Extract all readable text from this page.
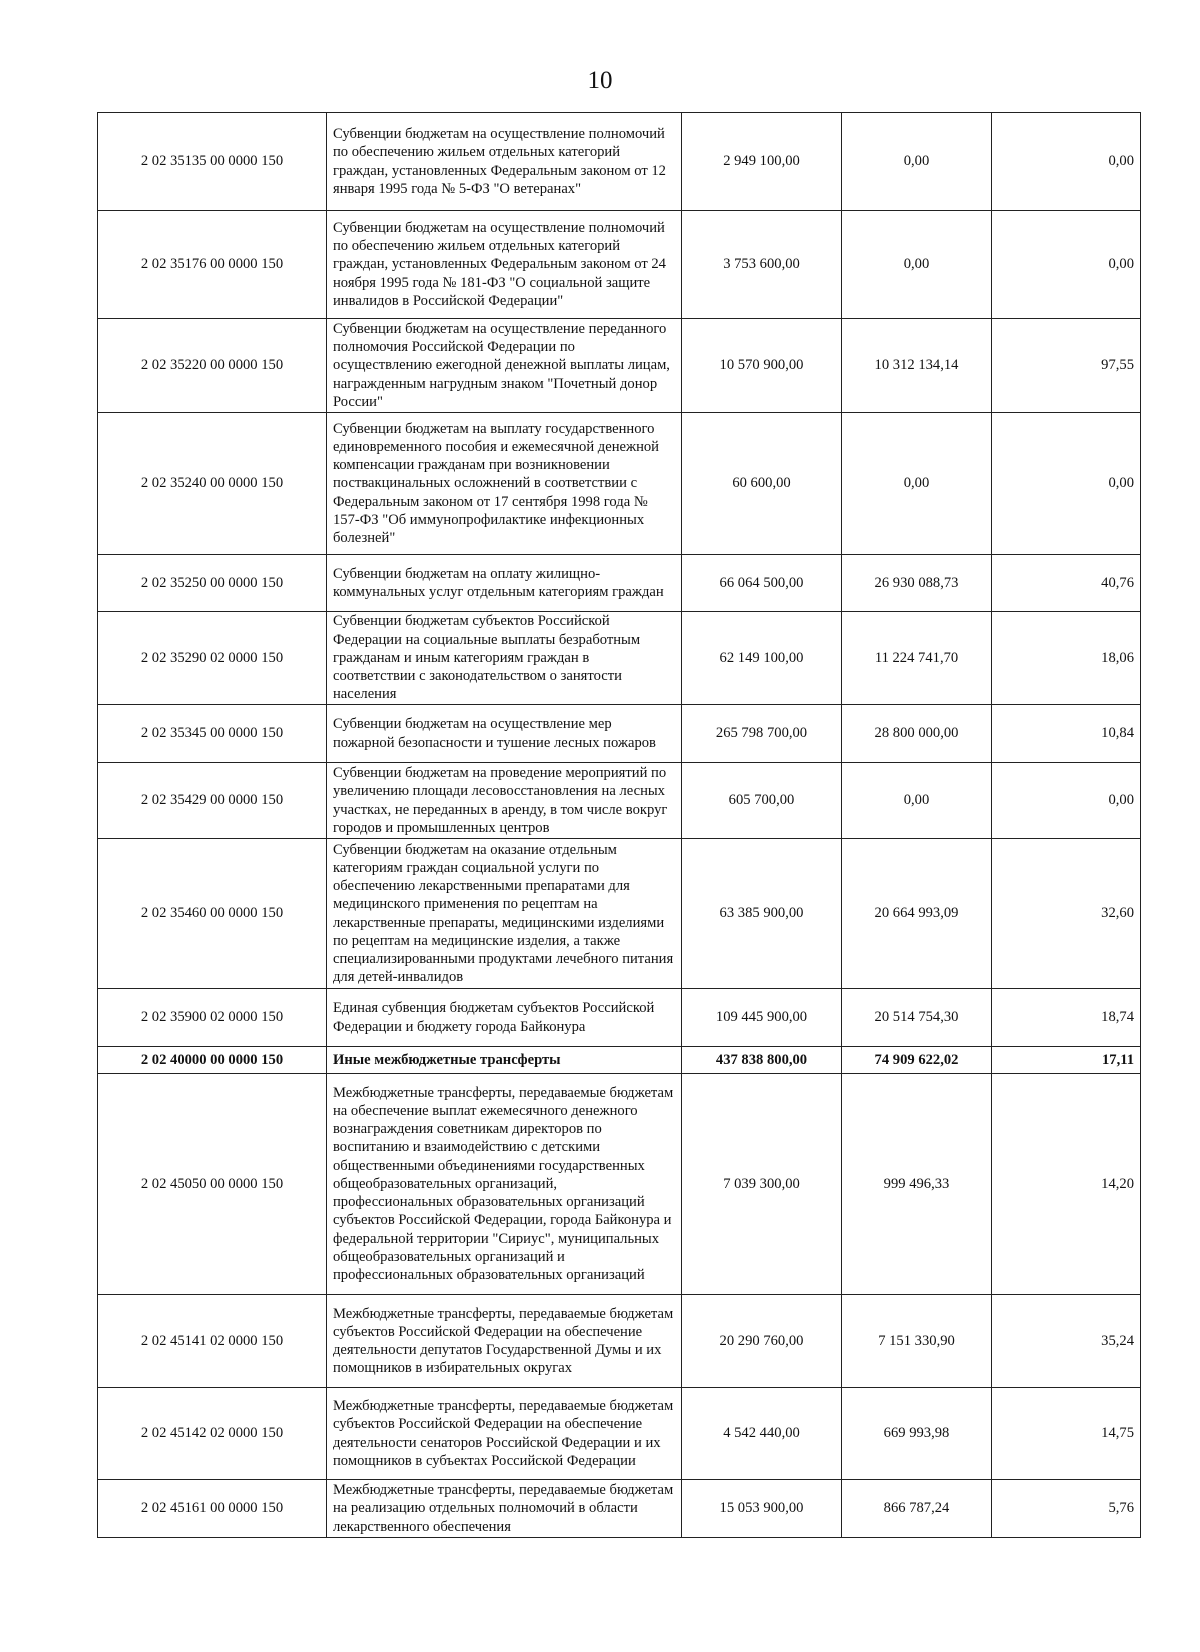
10
2 02 35135 00 0000 150	Субвенции бюджетам на осуществление полномочий по обеспечению жильем отдельных категорий граждан, установленных Федеральным законом от 12 января 1995 года № 5-ФЗ "О ветеранах"	2 949 100,00	0,00	0,00
2 02 35176 00 0000 150	Субвенции бюджетам на осуществление полномочий по обеспечению жильем отдельных категорий граждан, установленных Федеральным законом от 24 ноября 1995 года № 181-ФЗ "О социальной защите инвалидов в Российской Федерации"	3 753 600,00	0,00	0,00
2 02 35220 00 0000 150	Субвенции бюджетам на осуществление переданного полномочия Российской Федерации по осуществлению ежегодной денежной выплаты лицам, награжденным нагрудным знаком "Почетный донор России"	10 570 900,00	10 312 134,14	97,55
2 02 35240 00 0000 150	Субвенции бюджетам на выплату государственного единовременного пособия и ежемесячной денежной компенсации гражданам при возникновении поствакцинальных осложнений в соответствии с Федеральным законом от 17 сентября 1998 года № 157-ФЗ "Об иммунопрофилактике инфекционных болезней"	60 600,00	0,00	0,00
2 02 35250 00 0000 150	Субвенции бюджетам на оплату жилищно-коммунальных услуг отдельным категориям граждан	66 064 500,00	26 930 088,73	40,76
2 02 35290 02 0000 150	Субвенции бюджетам субъектов Российской Федерации на социальные выплаты безработным гражданам и иным категориям граждан в соответствии с законодательством о занятости населения	62 149 100,00	11 224 741,70	18,06
2 02 35345 00 0000 150	Субвенции бюджетам на осуществление мер пожарной безопасности и тушение лесных пожаров	265 798 700,00	28 800 000,00	10,84
2 02 35429 00 0000 150	Субвенции бюджетам на проведение мероприятий по увеличению площади лесовосстановления на лесных участках, не переданных в аренду, в том числе вокруг городов и промышленных центров	605 700,00	0,00	0,00
2 02 35460 00 0000 150	Субвенции бюджетам на оказание отдельным категориям граждан социальной услуги по обеспечению лекарственными препаратами для медицинского применения по рецептам на лекарственные препараты, медицинскими изделиями по рецептам на медицинские изделия, а также специализированными продуктами лечебного питания для детей-инвалидов	63 385 900,00	20 664 993,09	32,60
2 02 35900 02 0000 150	Единая субвенция бюджетам субъектов Российской Федерации и бюджету города Байконура	109 445 900,00	20 514 754,30	18,74
2 02 40000 00 0000 150	Иные межбюджетные трансферты	437 838 800,00	74 909 622,02	17,11
2 02 45050 00 0000 150	Межбюджетные трансферты, передаваемые бюджетам на обеспечение выплат ежемесячного денежного вознаграждения советникам директоров по воспитанию и взаимодействию с детскими общественными объединениями государственных общеобразовательных организаций, профессиональных образовательных организаций субъектов Российской Федерации, города Байконура и федеральной территории "Сириус", муниципальных общеобразовательных организаций и профессиональных образовательных организаций	7 039 300,00	999 496,33	14,20
2 02 45141 02 0000 150	Межбюджетные трансферты, передаваемые бюджетам субъектов Российской Федерации на обеспечение деятельности депутатов Государственной Думы и их помощников в избирательных округах	20 290 760,00	7 151 330,90	35,24
2 02 45142 02 0000 150	Межбюджетные трансферты, передаваемые бюджетам субъектов Российской Федерации на обеспечение деятельности сенаторов Российской Федерации и их помощников в субъектах Российской Федерации	4 542 440,00	669 993,98	14,75
2 02 45161 00 0000 150	Межбюджетные трансферты, передаваемые бюджетам на реализацию отдельных полномочий в области лекарственного обеспечения	15 053 900,00	866 787,24	5,76
